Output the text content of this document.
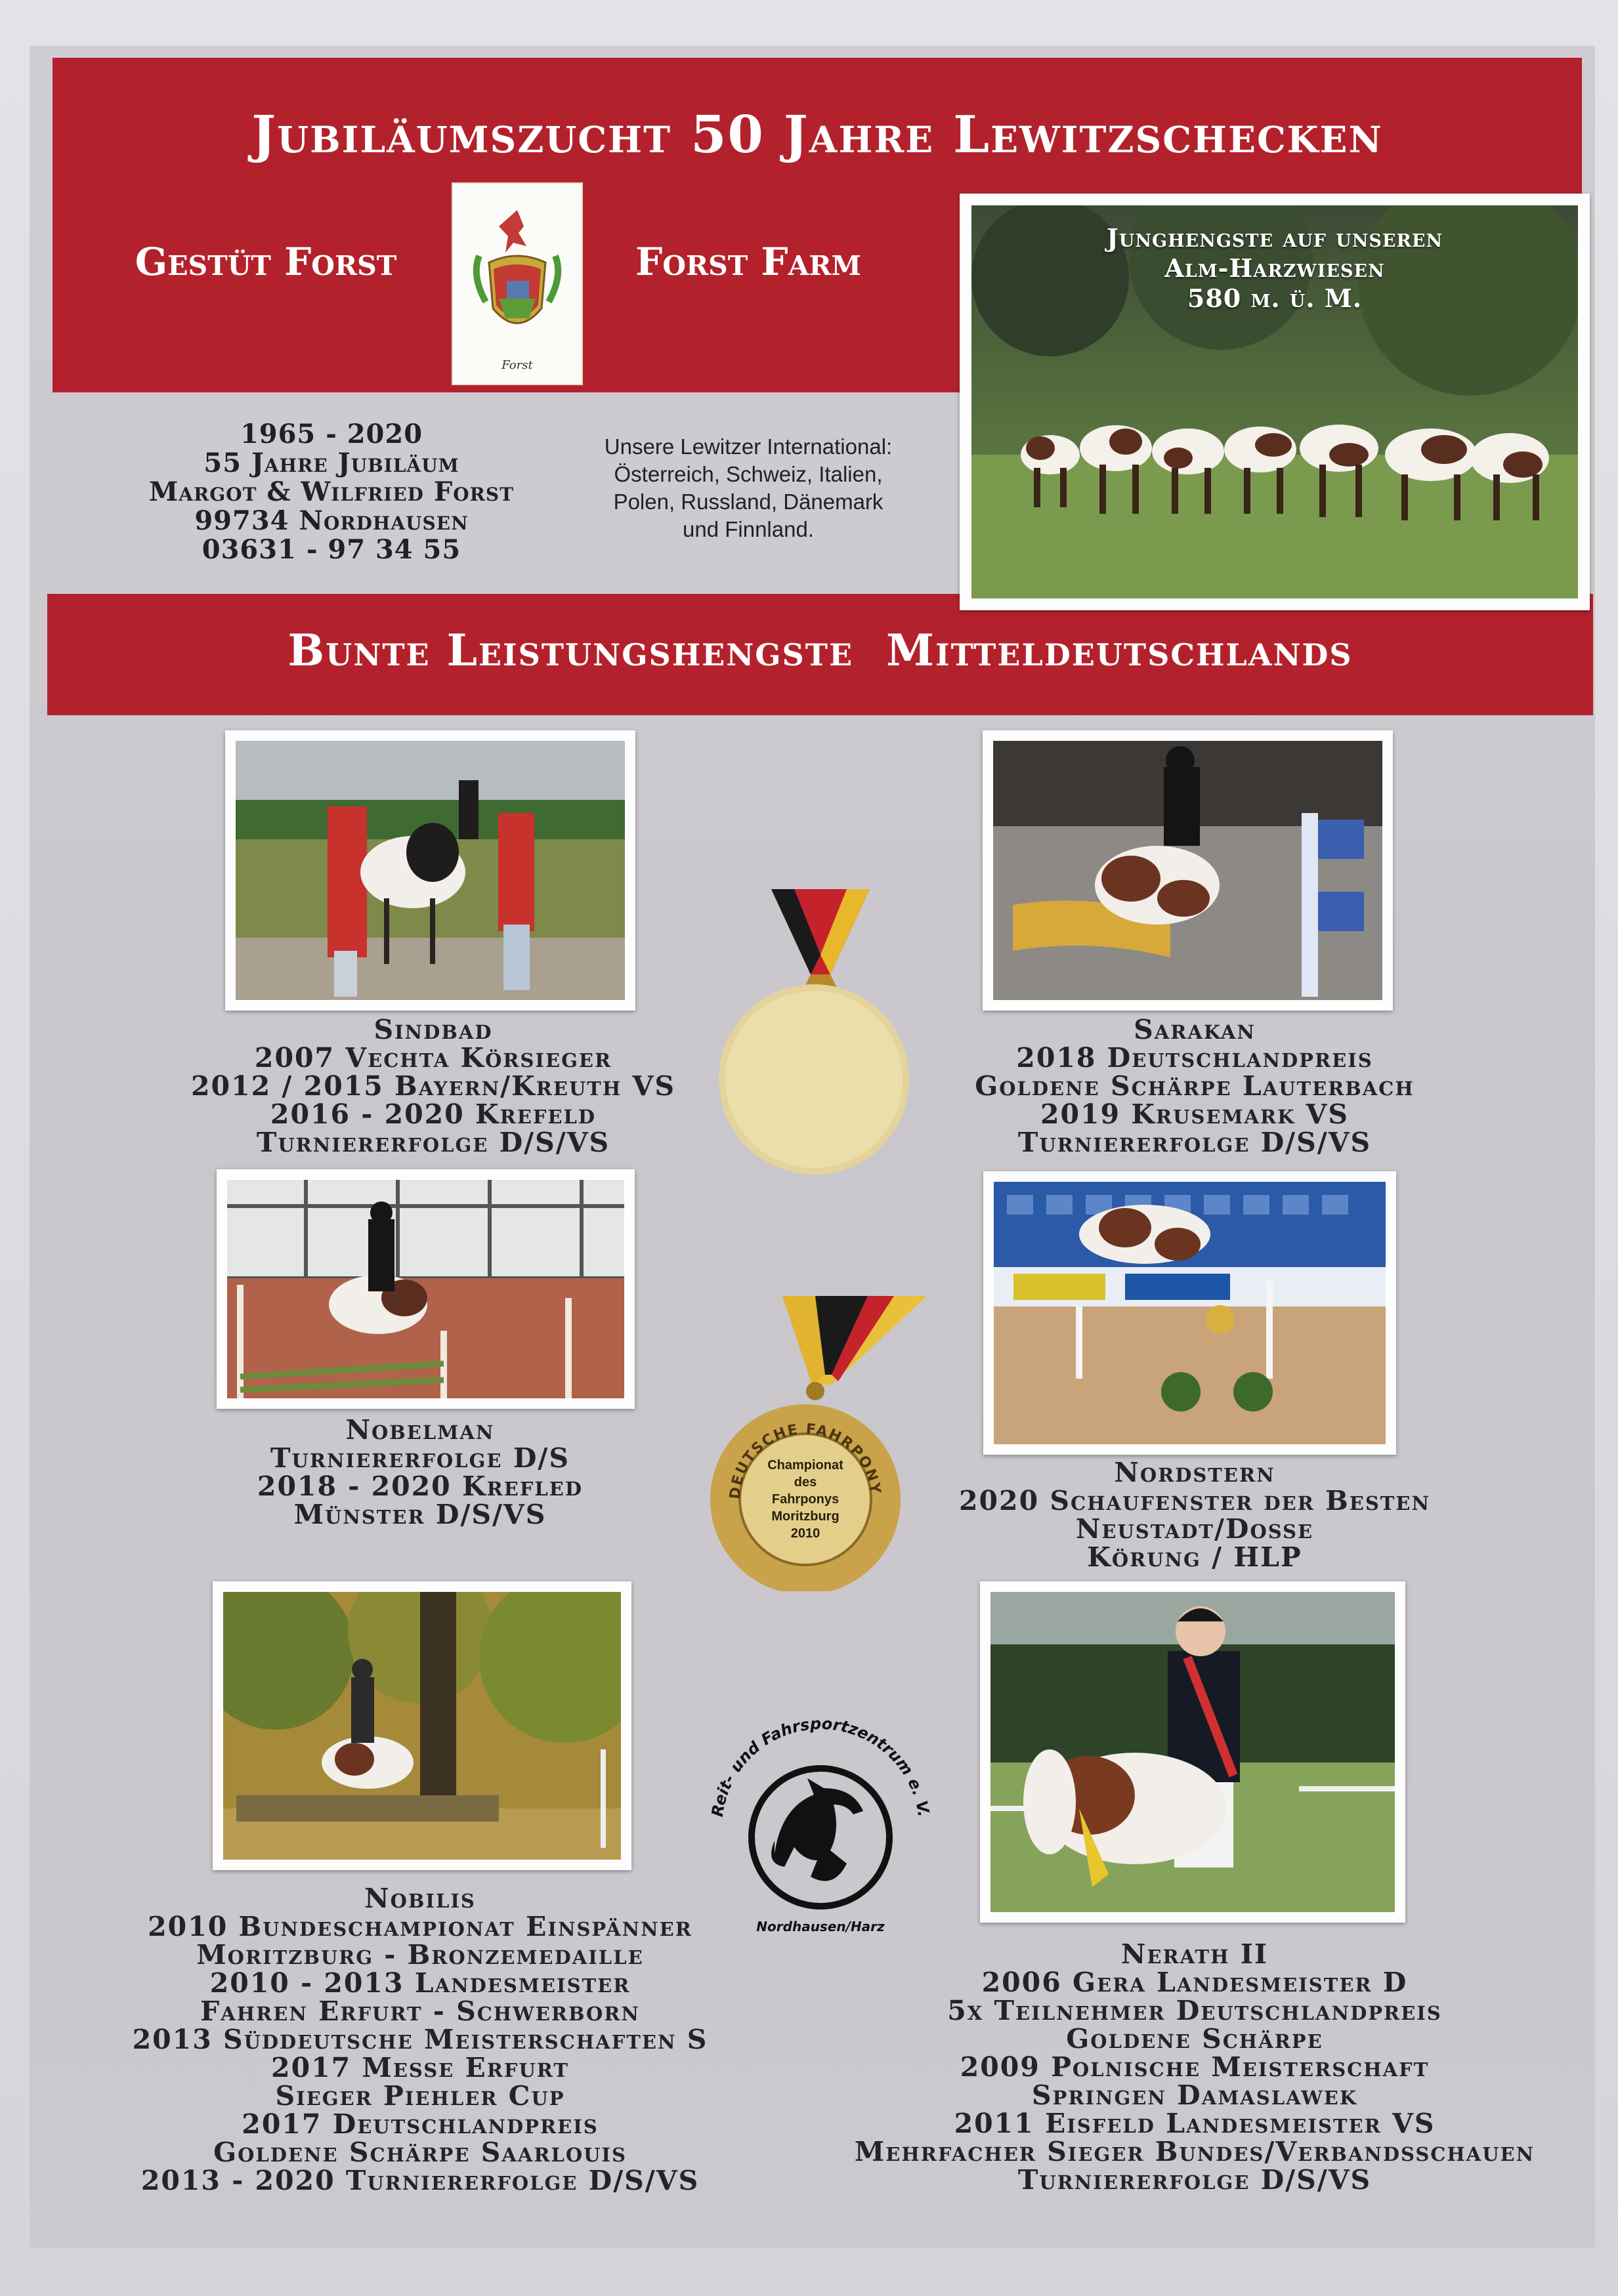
Jubiläumszucht 50 Jahre Lewitzschecken
Gestüt Forst	Forst Farm
Forst
1965 - 2020
55 Jahre Jubiläum
Margot & Wilfried Forst
99734 Nordhausen
03631 - 97 34 55
Unsere Lewitzer International:
Österreich, Schweiz, Italien,
Polen, Russland, Dänemark
und Finnland.
Junghengste auf unseren
Alm-Harzwiesen
580 m. ü. M.
Bunte Leistungshengste  Mitteldeutschlands
Sindbad
2007 Vechta Körsieger
2012 / 2015 Bayern/Kreuth VS
2016 - 2020 Krefeld
Turniererfolge D/S/VS
Sarakan
2018 Deutschlandpreis
Goldene Schärpe Lauterbach
2019 Krusemark VS
Turniererfolge D/S/VS
Nobelman
Turniererfolge D/S
2018 - 2020 Krefled
Münster D/S/VS
Nordstern
2020 Schaufenster der Besten
Neustadt/Dosse
Körung / HLP
Nobilis
2010 Bundeschampionat Einspänner
Moritzburg - Bronzemedaille
2010 - 2013 Landesmeister
Fahren Erfurt - Schwerborn
2013 Süddeutsche Meisterschaften S
2017 Messe Erfurt
Sieger Piehler Cup
2017 Deutschlandpreis
Goldene Schärpe Saarlouis
2013 - 2020 Turniererfolge D/S/VS
Nerath II
2006 Gera Landesmeister D
5x Teilnehmer Deutschlandpreis
Goldene Schärpe
2009 Polnische Meisterschaft
Springen Damaslawek
2011 Eisfeld Landesmeister VS
Mehrfacher Sieger Bundes/Verbandsschauen
Turniererfolge D/S/VS
DEUTSCHE FAHRPONY
Championat
des
Fahrponys
Moritzburg
2010
Reit- und Fahrsportzentrum e. V.
Nordhausen/Harz
